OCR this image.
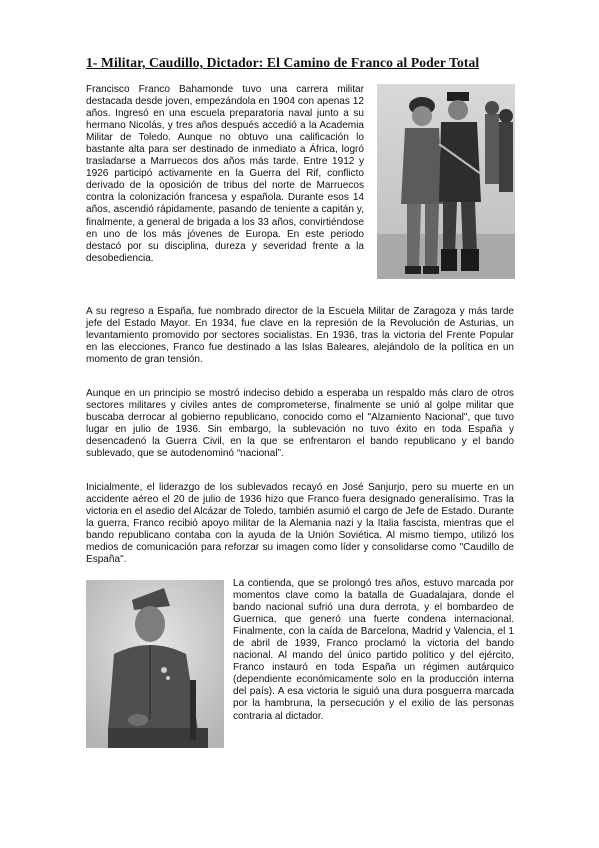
1- Militar, Caudillo, Dictador: El Camino de Franco al Poder Total

Francisco Franco Bahamonde tuvo una carrera militar destacada desde joven, empezándola en 1904 con apenas 12 años. Ingresó en una escuela preparatoria naval junto a su hermano Nicolás, y tres años después accedió a la Academia Militar de Toledo. Aunque no obtuvo una calificación lo bastante alta para ser destinado de inmediato a África, logró trasladarse a Marruecos dos años más tarde. Entre 1912 y 1926 participó activamente en la Guerra del Rif, conflicto derivado de la oposición de tribus del norte de Marruecos contra la colonización francesa y española. Durante esos 14 años, ascendió rápidamente, pasando de teniente a capitán y, finalmente, a general de brigada a los 33 años, convirtiéndose en uno de los más jóvenes de Europa. En este periodo destacó por su disciplina, dureza y severidad frente a la desobediencia.

A su regreso a España, fue nombrado director de la Escuela Militar de Zaragoza y más tarde jefe del Estado Mayor. En 1934, fue clave en la represión de la Revolución de Asturias, un levantamiento promovido por sectores socialistas. En 1936, tras la victoria del Frente Popular en las elecciones, Franco fue destinado a las Islas Baleares, alejándolo de la política en un momento de gran tensión.

Aunque en un principio se mostró indeciso debido a esperaba un respaldo más claro de otros sectores militares y civiles antes de comprometerse, finalmente se unió al golpe militar que buscaba derrocar al gobierno republicano, conocido como el "Alzamiento Nacional", que tuvo lugar en julio de 1936. Sin embargo, la sublevación no tuvo éxito en toda España y desencadenó la Guerra Civil, en la que se enfrentaron el bando republicano y el bando sublevado, que se autodenominó “nacional”.

Inicialmente, el liderazgo de los sublevados recayó en José Sanjurjo, pero su muerte en un accidente aéreo el 20 de julio de 1936 hizo que Franco fuera designado generalísimo. Tras la victoria en el asedio del Alcázar de Toledo, también asumió el cargo de Jefe de Estado. Durante la guerra, Franco recibió apoyo militar de la Alemania nazi y la Italia fascista, mientras que el bando republicano contaba con la ayuda de la Unión Soviética. Al mismo tiempo, utilizó los medios de comunicación para reforzar su imagen como líder y consolidarse como "Caudillo de España".

La contienda, que se prolongó tres años, estuvo marcada por momentos clave como la batalla de Guadalajara, donde el bando nacional sufrió una dura derrota, y el bombardeo de Guernica, que generó una fuerte condena internacional. Finalmente, con la caída de Barcelona, Madrid y Valencia, el 1 de abril de 1939, Franco proclamó la victoria del bando nacional. Al mando del único partido político y del ejército, Franco instauró en toda España un régimen autárquico (dependiente económicamente solo en la producción interna del país). A esa victoria le siguió una dura posguerra marcada por la hambruna, la persecución y el exilio de las personas contraria al dictador.
